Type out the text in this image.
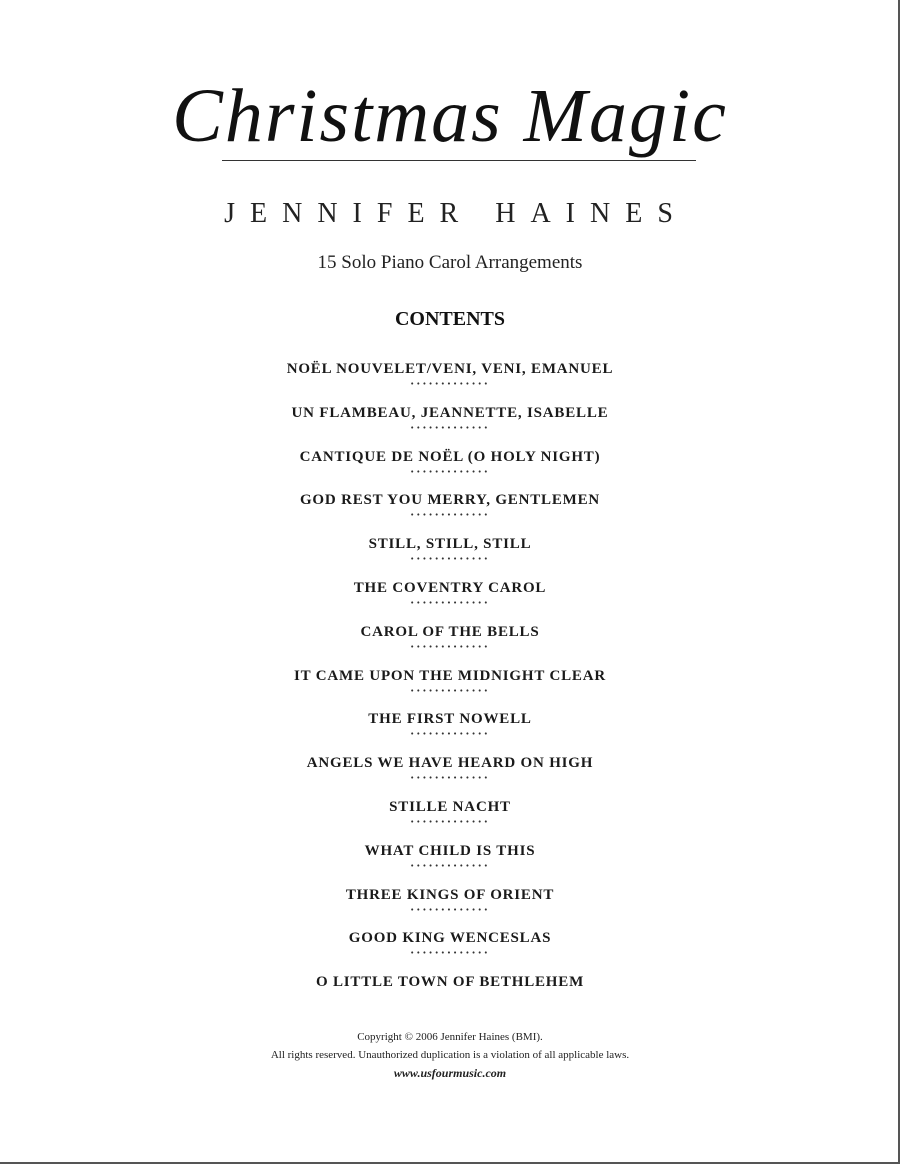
Christmas Magic
JENNIFER HAINES
15 Solo Piano Carol Arrangements
CONTENTS
NOËL NOUVELET/VENI, VENI, EMANUEL
•••••••••••••
UN FLAMBEAU, JEANNETTE, ISABELLE
•••••••••••••
CANTIQUE DE NOËL (O HOLY NIGHT)
•••••••••••••
GOD REST YOU MERRY, GENTLEMEN
•••••••••••••
STILL, STILL, STILL
•••••••••••••
THE COVENTRY CAROL
•••••••••••••
CAROL OF THE BELLS
•••••••••••••
IT CAME UPON THE MIDNIGHT CLEAR
•••••••••••••
THE FIRST NOWELL
•••••••••••••
ANGELS WE HAVE HEARD ON HIGH
•••••••••••••
STILLE NACHT
•••••••••••••
WHAT CHILD IS THIS
•••••••••••••
THREE KINGS OF ORIENT
•••••••••••••
GOOD KING WENCESLAS
•••••••••••••
O LITTLE TOWN OF BETHLEHEM
Copyright © 2006 Jennifer Haines (BMI).
All rights reserved. Unauthorized duplication is a violation of all applicable laws.
www.usfourmusic.com
